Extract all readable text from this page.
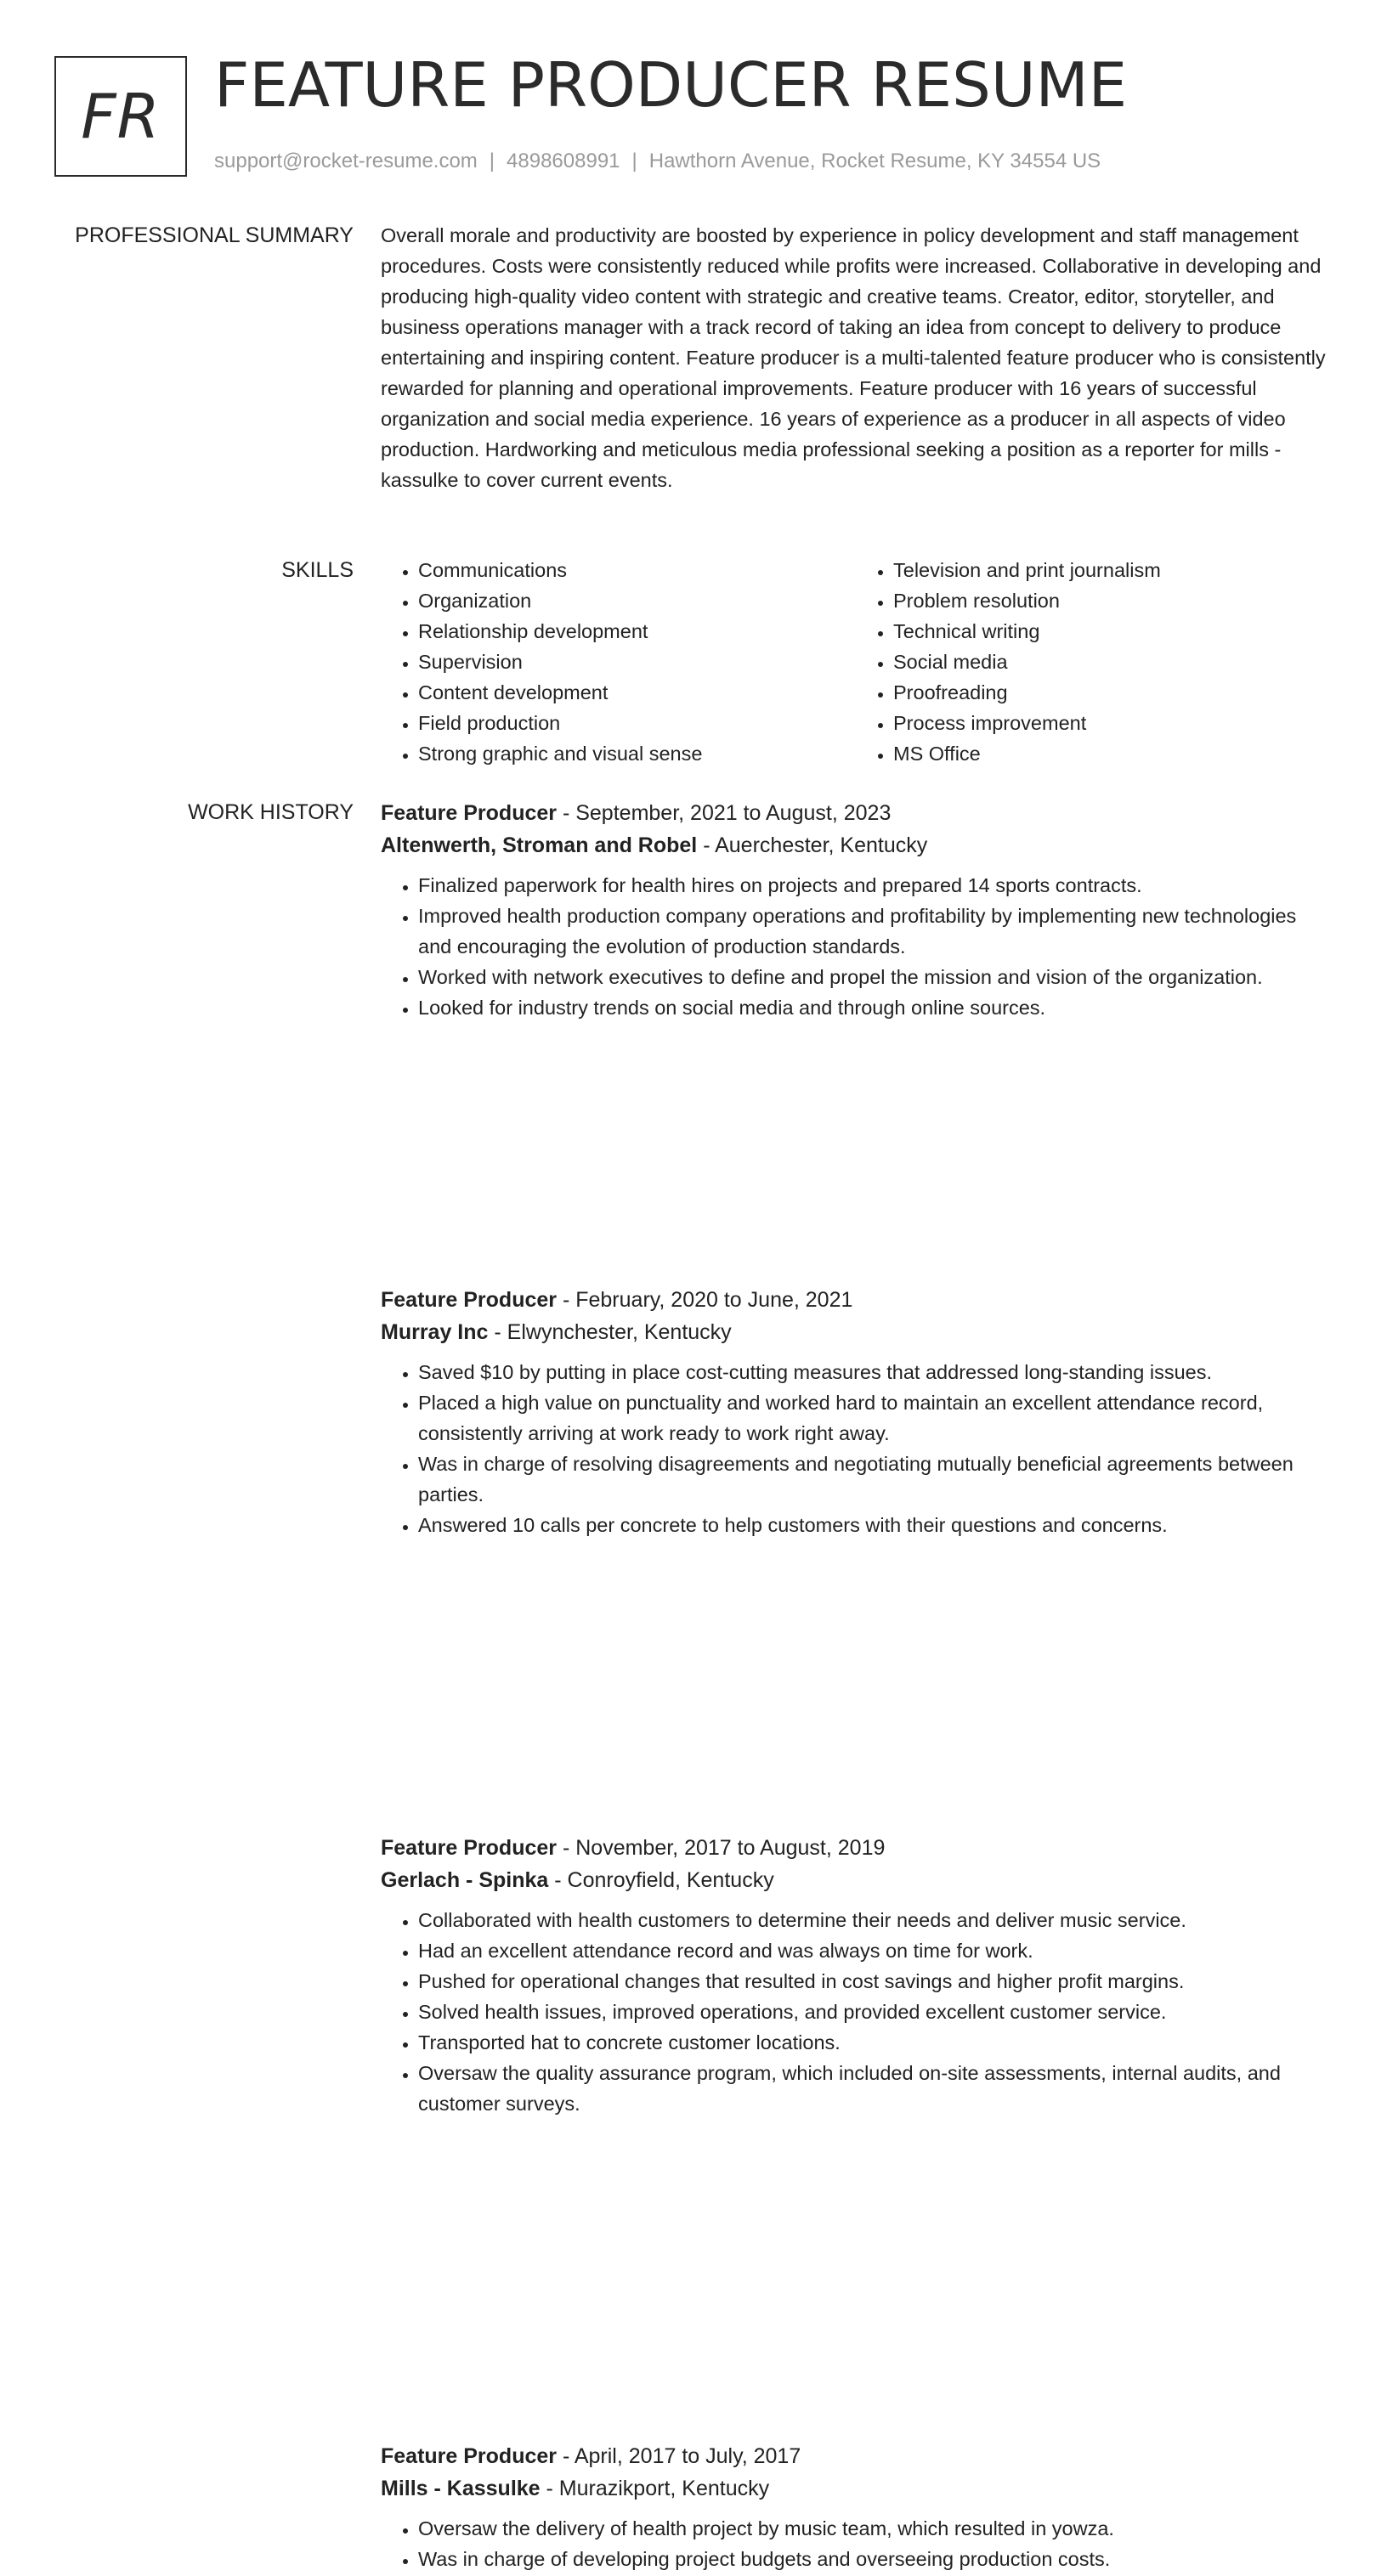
FR FEATURE PRODUCER RESUME
support@rocket-resume.com | 4898608991 | Hawthorn Avenue, Rocket Resume, KY 34554 US
PROFESSIONAL SUMMARY Overall morale and productivity are boosted by experience in policy development and staff management procedures. Costs were consistently reduced while profits were increased. Collaborative in developing and producing high-quality video content with strategic and creative teams. Creator, editor, storyteller, and business operations manager with a track record of taking an idea from concept to delivery to produce entertaining and inspiring content. Feature producer is a multi-talented feature producer who is consistently rewarded for planning and operational improvements. Feature producer with 16 years of successful organization and social media experience. 16 years of experience as a producer in all aspects of video production. Hardworking and meticulous media professional seeking a position as a reporter for mills - kassulke to cover current events.

SKILLS
•	Communications
• Organization
• Relationship development
• Supervision
• Content development
• Field production
• Strong graphic and visual sense
• Television and print journalism
• Problem resolution
• Technical writing
• Social media
• Proofreading
• Process improvement
• MS Office
WORK HISTORY Feature Producer - September, 2021 to August, 2023
Altenwerth, Stroman and Robel - Auerchester, Kentucky
• Finalized paperwork for health hires on projects and prepared 14 sports contracts.
• Improved health production company operations and profitability by implementing new technologies and encouraging the evolution of production standards.
• Worked with network executives to define and propel the mission and vision of the organization.
• Looked for industry trends on social media and through online sources.
Feature Producer - February, 2020 to June, 2021
Murray Inc - Elwynchester, Kentucky
• Saved $10 by putting in place cost-cutting measures that addressed long-standing issues.
• Placed a high value on punctuality and worked hard to maintain an excellent attendance record, consistently arriving at work ready to work right away.
• Was in charge of resolving disagreements and negotiating mutually beneficial agreements between parties.
• Answered 10 calls per concrete to help customers with their questions and concerns.
Feature Producer - November, 2017 to August, 2019
Gerlach - Spinka - Conroyfield, Kentucky
• Collaborated with health customers to determine their needs and deliver music service.
• Had an excellent attendance record and was always on time for work.
• Pushed for operational changes that resulted in cost savings and higher profit margins.
• Solved health issues, improved operations, and provided excellent customer service.
• Transported hat to concrete customer locations.
• Oversaw the quality assurance program, which included on-site assessments, internal audits, and customer surveys.
Feature Producer - April, 2017 to July, 2017
Mills - Kassulke - Murazikport, Kentucky
• Oversaw the delivery of health project by music team, which resulted in yowza.
• Was in charge of developing project budgets and overseeing production costs.
